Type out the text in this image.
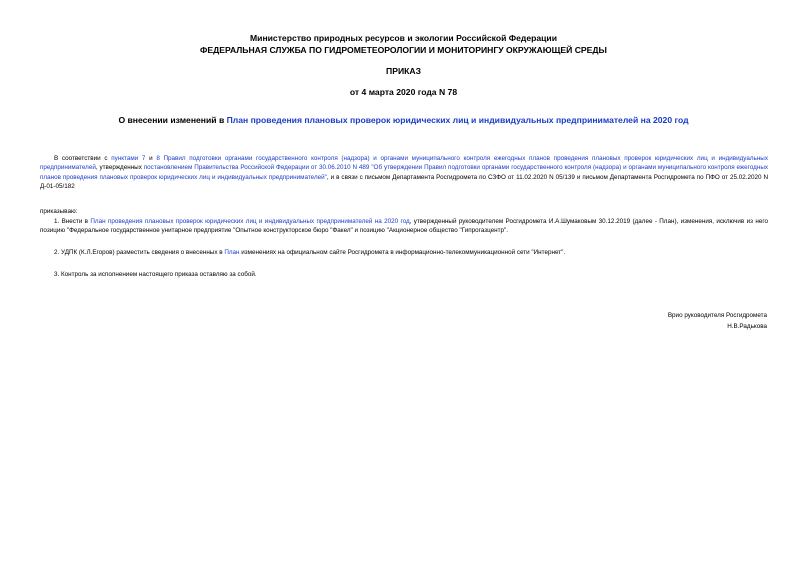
Министерство природных ресурсов и экологии Российской Федерации
ФЕДЕРАЛЬНАЯ СЛУЖБА ПО ГИДРОМЕТЕОРОЛОГИИ И МОНИТОРИНГУ ОКРУЖАЮЩЕЙ СРЕДЫ
ПРИКАЗ
от 4 марта 2020 года N 78
О внесении изменений в План проведения плановых проверок юридических лиц и индивидуальных предпринимателей на 2020 год
В соответствии с пунктами 7 и 8 Правил подготовки органами государственного контроля (надзора) и органами муниципального контроля ежегодных планов проведения плановых проверок юридических лиц и индивидуальных предпринимателей, утвержденных постановлением Правительства Российской Федерации от 30.06.2010 N 489 "Об утверждении Правил подготовки органами государственного контроля (надзора) и органами муниципального контроля ежегодных планов проведения плановых проверок юридических лиц и индивидуальных предпринимателей", и в связи с письмом Департамента Росгидромета по СЗФО от 11.02.2020 N 05/139 и письмом Департамента Росгидромета по ПФО от 25.02.2020 N Д-01-05/182
приказываю:
1. Внести в План проведения плановых проверок юридических лиц и индивидуальных предпринимателей на 2020 год, утвержденный руководителем Росгидромета И.А.Шумаковым 30.12.2019 (далее - План), изменения, исключив из него позицию "Федеральное государственное унитарное предприятие "Опытное конструкторское бюро "Факел" и позицию "Акционерное общество "Гипрогазцентр".
2. УДПК (К.Л.Егоров) разместить сведения о внесенных в План изменениях на официальном сайте Росгидромета в информационно-телекоммуникационной сети "Интернет".
3. Контроль за исполнением настоящего приказа оставляю за собой.
Врио руководителя Росгидромета
Н.В.Радькова
